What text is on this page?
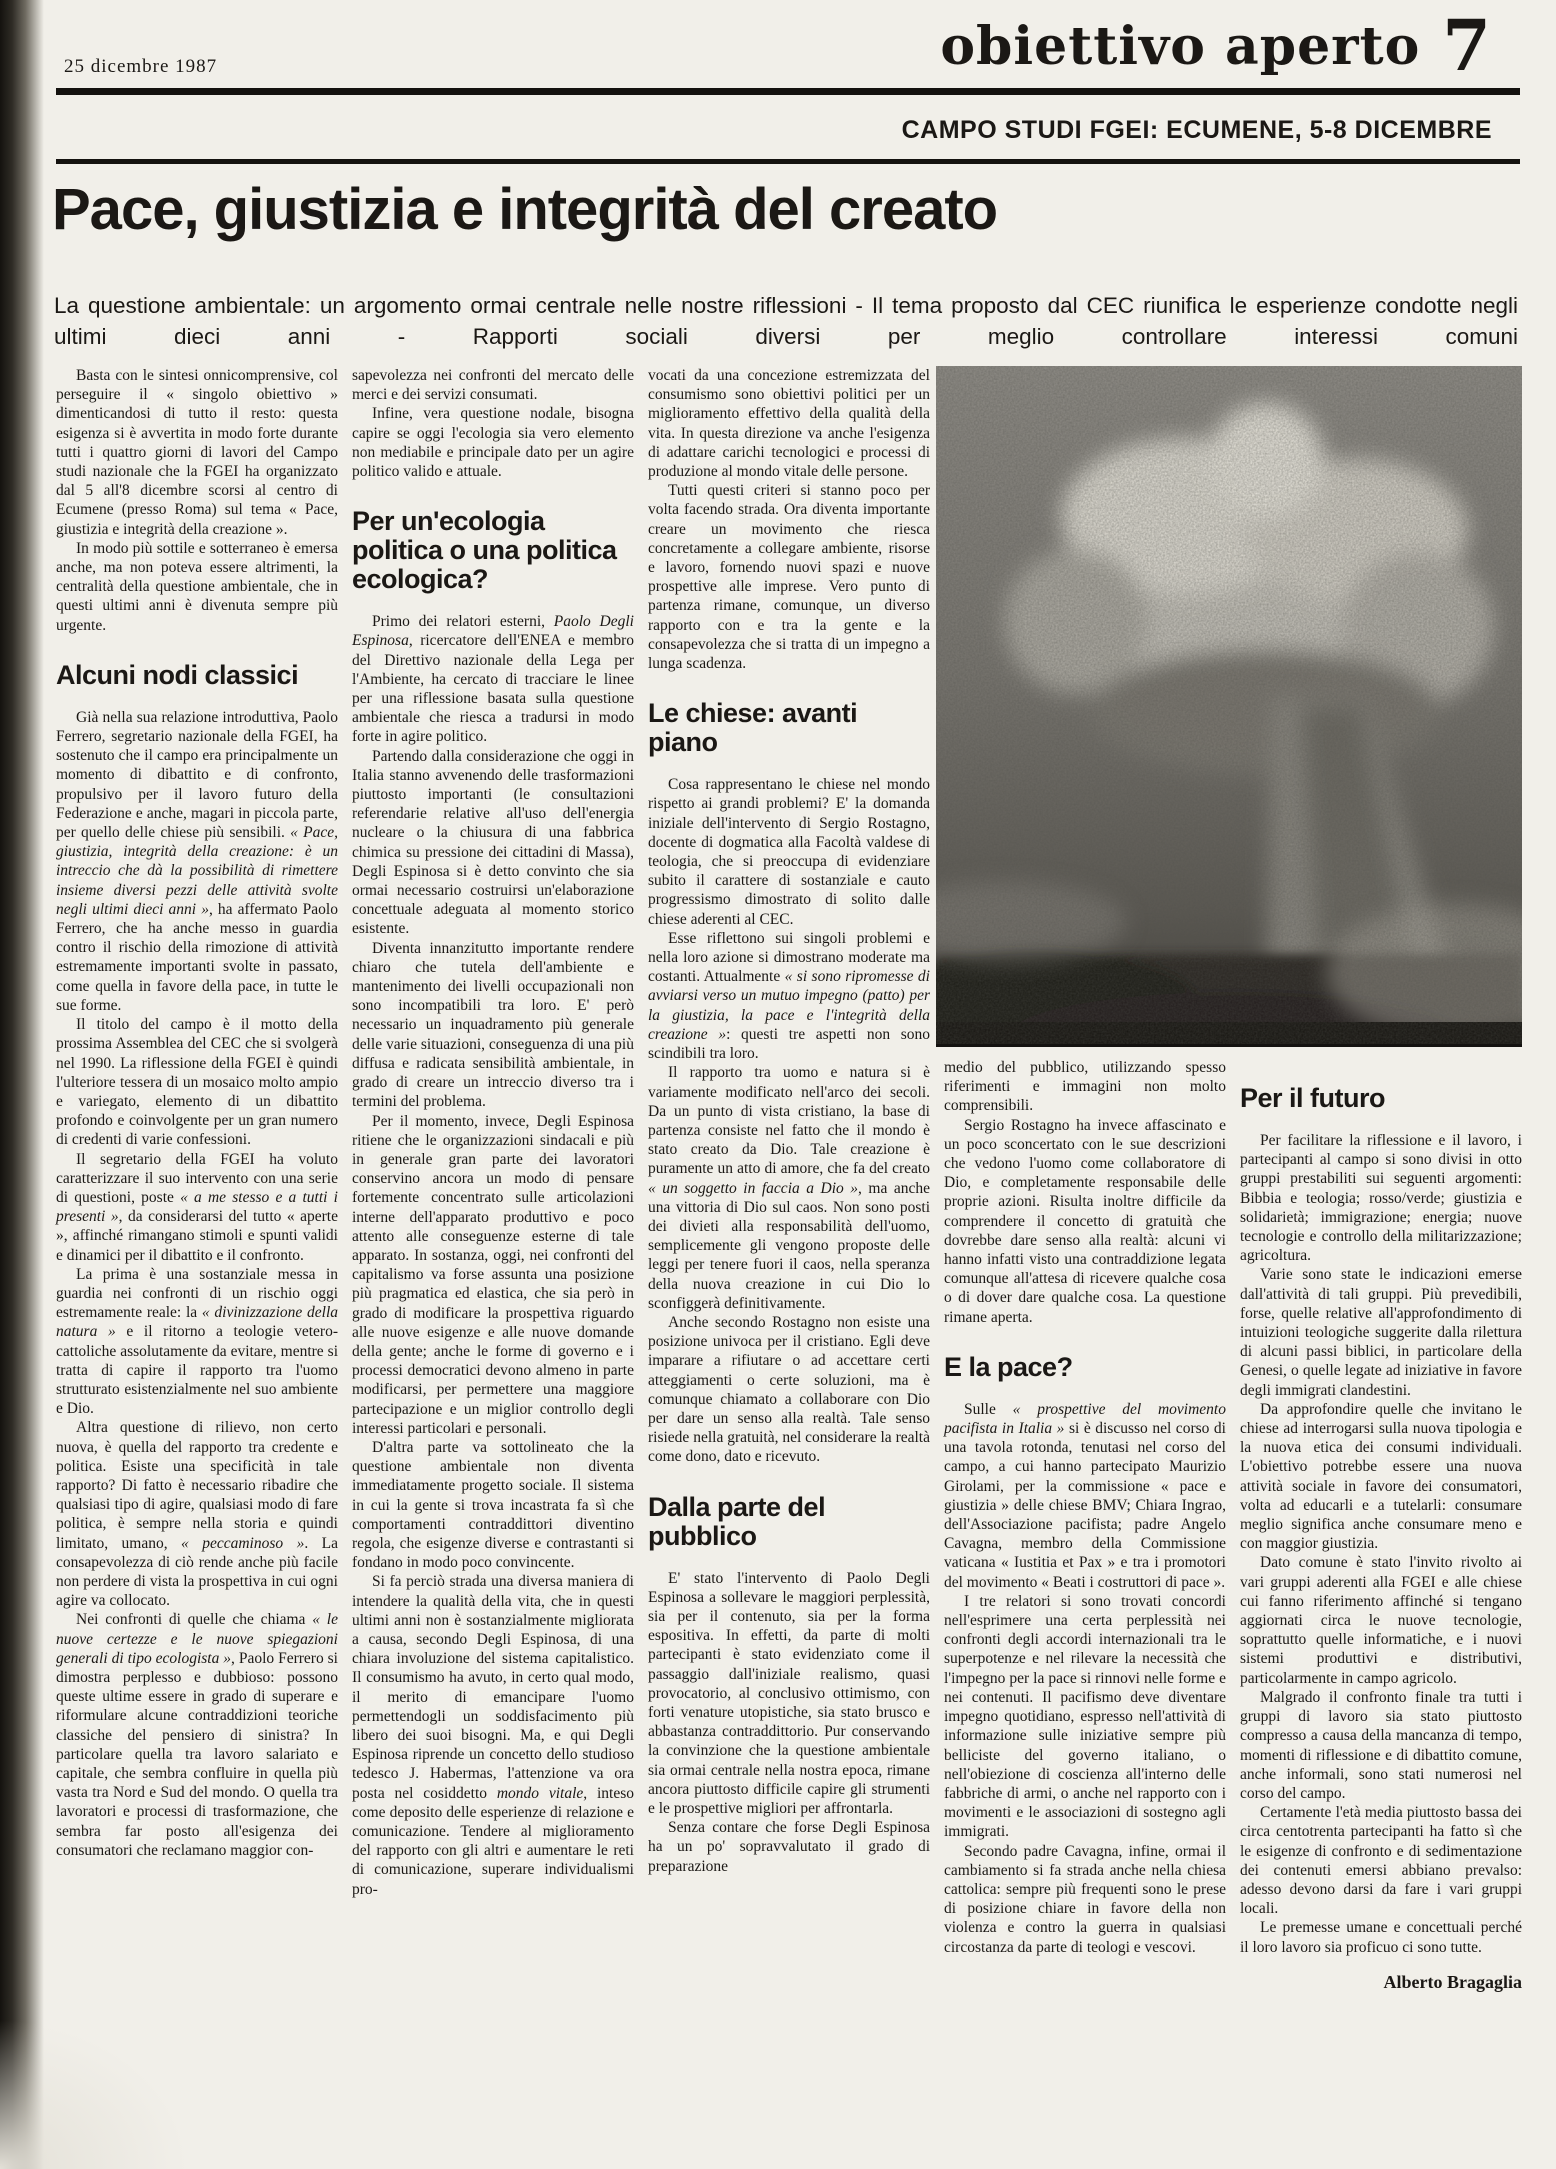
25 dicembre 1987	obiettivo aperto 7
CAMPO STUDI FGEI: ECUMENE, 5-8 DICEMBRE
Pace, giustizia e integrità del creato
La questione ambientale: un argomento ormai centrale nelle nostre riflessioni - Il tema proposto dal CEC riunifica le esperienze condotte negli ultimi dieci anni - Rapporti sociali diversi per meglio controllare interessi comuni

Basta con le sintesi onnicomprensive, col perseguire il « singolo obiettivo » dimenticandosi di tutto il resto: questa esigenza si è avvertita in modo forte durante tutti i quattro giorni di lavori del Campo studi nazionale che la FGEI ha organizzato dal 5 all'8 dicembre scorsi al centro di Ecumene (presso Roma) sul tema « Pace, giustizia e integrità della creazione ».

In modo più sottile e sotterraneo è emersa anche, ma non poteva essere altrimenti, la centralità della questione ambientale, che in questi ultimi anni è divenuta sempre più urgente.

Alcuni nodi classici

Già nella sua relazione introduttiva, Paolo Ferrero, segretario nazionale della FGEI, ha sostenuto che il campo era principalmente un momento di dibattito e di confronto, propulsivo per il lavoro futuro della Federazione e anche, magari in piccola parte, per quello delle chiese più sensibili. « Pace, giustizia, integrità della creazione: è un intreccio che dà la possibilità di rimettere insieme diversi pezzi delle attività svolte negli ultimi dieci anni », ha affermato Paolo Ferrero, che ha anche messo in guardia contro il rischio della rimozione di attività estremamente importanti svolte in passato, come quella in favore della pace, in tutte le sue forme.

Il titolo del campo è il motto della prossima Assemblea del CEC che si svolgerà nel 1990. La riflessione della FGEI è quindi l'ulteriore tessera di un mosaico molto ampio e variegato, elemento di un dibattito profondo e coinvolgente per un gran numero di credenti di varie confessioni.

Il segretario della FGEI ha voluto caratterizzare il suo intervento con una serie di questioni, poste « a me stesso e a tutti i presenti », da considerarsi del tutto « aperte », affinché rimangano stimoli e spunti validi e dinamici per il dibattito e il confronto.

La prima è una sostanziale messa in guardia nei confronti di un rischio oggi estremamente reale: la « divinizzazione della natura » e il ritorno a teologie vetero-cattoliche assolutamente da evitare, mentre si tratta di capire il rapporto tra l'uomo strutturato esistenzialmente nel suo ambiente e Dio.

Altra questione di rilievo, non certo nuova, è quella del rapporto tra credente e politica. Esiste una specificità in tale rapporto? Di fatto è necessario ribadire che qualsiasi tipo di agire, qualsiasi modo di fare politica, è sempre nella storia e quindi limitato, umano, « peccaminoso ». La consapevolezza di ciò rende anche più facile non perdere di vista la prospettiva in cui ogni agire va collocato.

Nei confronti di quelle che chiama « le nuove certezze e le nuove spiegazioni generali di tipo ecologista », Paolo Ferrero si dimostra perplesso e dubbioso: possono queste ultime essere in grado di superare e riformulare alcune contraddizioni teoriche classiche del pensiero di sinistra? In particolare quella tra lavoro salariato e capitale, che sembra confluire in quella più vasta tra Nord e Sud del mondo. O quella tra lavoratori e processi di trasformazione, che sembra far posto all'esigenza dei consumatori che reclamano maggior con-

sapevolezza nei confronti del mercato delle merci e dei servizi consumati.

Infine, vera questione nodale, bisogna capire se oggi l'ecologia sia vero elemento non mediabile e principale dato per un agire politico valido e attuale.

Per un'ecologia politica o una politica ecologica?

Primo dei relatori esterni, Paolo Degli Espinosa, ricercatore dell'ENEA e membro del Direttivo nazionale della Lega per l'Ambiente, ha cercato di tracciare le linee per una riflessione basata sulla questione ambientale che riesca a tradursi in modo forte in agire politico.

Partendo dalla considerazione che oggi in Italia stanno avvenendo delle trasformazioni piuttosto importanti (le consultazioni referendarie relative all'uso dell'energia nucleare o la chiusura di una fabbrica chimica su pressione dei cittadini di Massa), Degli Espinosa si è detto convinto che sia ormai necessario costruirsi un'elaborazione concettuale adeguata al momento storico esistente.

Diventa innanzitutto importante rendere chiaro che tutela dell'ambiente e mantenimento dei livelli occupazionali non sono incompatibili tra loro. E' però necessario un inquadramento più generale delle varie situazioni, conseguenza di una più diffusa e radicata sensibilità ambientale, in grado di creare un intreccio diverso tra i termini del problema.

Per il momento, invece, Degli Espinosa ritiene che le organizzazioni sindacali e più in generale gran parte dei lavoratori conservino ancora un modo di pensare fortemente concentrato sulle articolazioni interne dell'apparato produttivo e poco attento alle conseguenze esterne di tale apparato. In sostanza, oggi, nei confronti del capitalismo va forse assunta una posizione più pragmatica ed elastica, che sia però in grado di modificare la prospettiva riguardo alle nuove esigenze e alle nuove domande della gente; anche le forme di governo e i processi democratici devono almeno in parte modificarsi, per permettere una maggiore partecipazione e un miglior controllo degli interessi particolari e personali.

D'altra parte va sottolineato che la questione ambientale non diventa immediatamente progetto sociale. Il sistema in cui la gente si trova incastrata fa sì che comportamenti contraddittori diventino regola, che esigenze diverse e contrastanti si fondano in modo poco convincente.

Si fa perciò strada una diversa maniera di intendere la qualità della vita, che in questi ultimi anni non è sostanzialmente migliorata a causa, secondo Degli Espinosa, di una chiara involuzione del sistema capitalistico. Il consumismo ha avuto, in certo qual modo, il merito di emancipare l'uomo permettendogli un soddisfacimento più libero dei suoi bisogni. Ma, e qui Degli Espinosa riprende un concetto dello studioso tedesco J. Habermas, l'attenzione va ora posta nel cosiddetto mondo vitale, inteso come deposito delle esperienze di relazione e comunicazione. Tendere al miglioramento del rapporto con gli altri e aumentare le reti di comunicazione, superare individualismi pro-

vocati da una concezione estremizzata del consumismo sono obiettivi politici per un miglioramento effettivo della qualità della vita. In questa direzione va anche l'esigenza di adattare carichi tecnologici e processi di produzione al mondo vitale delle persone.

Tutti questi criteri si stanno poco per volta facendo strada. Ora diventa importante creare un movimento che riesca concretamente a collegare ambiente, risorse e lavoro, fornendo nuovi spazi e nuove prospettive alle imprese. Vero punto di partenza rimane, comunque, un diverso rapporto con e tra la gente e la consapevolezza che si tratta di un impegno a lunga scadenza.

Le chiese: avanti piano

Cosa rappresentano le chiese nel mondo rispetto ai grandi problemi? E' la domanda iniziale dell'intervento di Sergio Rostagno, docente di dogmatica alla Facoltà valdese di teologia, che si preoccupa di evidenziare subito il carattere di sostanziale e cauto progressismo dimostrato di solito dalle chiese aderenti al CEC.

Esse riflettono sui singoli problemi e nella loro azione si dimostrano moderate ma costanti. Attualmente « si sono ripromesse di avviarsi verso un mutuo impegno (patto) per la giustizia, la pace e l'integrità della creazione »: questi tre aspetti non sono scindibili tra loro.

Il rapporto tra uomo e natura si è variamente modificato nell'arco dei secoli. Da un punto di vista cristiano, la base di partenza consiste nel fatto che il mondo è stato creato da Dio. Tale creazione è puramente un atto di amore, che fa del creato « un soggetto in faccia a Dio », ma anche una vittoria di Dio sul caos. Non sono posti dei divieti alla responsabilità dell'uomo, semplicemente gli vengono proposte delle leggi per tenere fuori il caos, nella speranza della nuova creazione in cui Dio lo sconfiggerà definitivamente.

Anche secondo Rostagno non esiste una posizione univoca per il cristiano. Egli deve imparare a rifiutare o ad accettare certi atteggiamenti o certe soluzioni, ma è comunque chiamato a collaborare con Dio per dare un senso alla realtà. Tale senso risiede nella gratuità, nel considerare la realtà come dono, dato e ricevuto.

Dalla parte del pubblico

E' stato l'intervento di Paolo Degli Espinosa a sollevare le maggiori perplessità, sia per il contenuto, sia per la forma espositiva. In effetti, da parte di molti partecipanti è stato evidenziato come il passaggio dall'iniziale realismo, quasi provocatorio, al conclusivo ottimismo, con forti venature utopistiche, sia stato brusco e abbastanza contraddittorio. Pur conservando la convinzione che la questione ambientale sia ormai centrale nella nostra epoca, rimane ancora piuttosto difficile capire gli strumenti e le prospettive migliori per affrontarla.

Senza contare che forse Degli Espinosa ha un po' sopravvalutato il grado di preparazione

medio del pubblico, utilizzando spesso riferimenti e immagini non molto comprensibili.

Sergio Rostagno ha invece affascinato e un poco sconcertato con le sue descrizioni che vedono l'uomo come collaboratore di Dio, e completamente responsabile delle proprie azioni. Risulta inoltre difficile da comprendere il concetto di gratuità che dovrebbe dare senso alla realtà: alcuni vi hanno infatti visto una contraddizione legata comunque all'attesa di ricevere qualche cosa o di dover dare qualche cosa. La questione rimane aperta.

E la pace?

Sulle « prospettive del movimento pacifista in Italia » si è discusso nel corso di una tavola rotonda, tenutasi nel corso del campo, a cui hanno partecipato Maurizio Girolami, per la commissione « pace e giustizia » delle chiese BMV; Chiara Ingrao, dell'Associazione pacifista; padre Angelo Cavagna, membro della Commissione vaticana « Iustitia et Pax » e tra i promotori del movimento « Beati i costruttori di pace ».

I tre relatori si sono trovati concordi nell'esprimere una certa perplessità nei confronti degli accordi internazionali tra le superpotenze e nel rilevare la necessità che l'impegno per la pace si rinnovi nelle forme e nei contenuti. Il pacifismo deve diventare impegno quotidiano, espresso nell'attività di informazione sulle iniziative sempre più belliciste del governo italiano, o nell'obiezione di coscienza all'interno delle fabbriche di armi, o anche nel rapporto con i movimenti e le associazioni di sostegno agli immigrati.

Secondo padre Cavagna, infine, ormai il cambiamento si fa strada anche nella chiesa cattolica: sempre più frequenti sono le prese di posizione chiare in favore della non violenza e contro la guerra in qualsiasi circostanza da parte di teologi e vescovi.

Per il futuro

Per facilitare la riflessione e il lavoro, i partecipanti al campo si sono divisi in otto gruppi prestabiliti sui seguenti argomenti: Bibbia e teologia; rosso/verde; giustizia e solidarietà; immigrazione; energia; nuove tecnologie e controllo della militarizzazione; agricoltura.

Varie sono state le indicazioni emerse dall'attività di tali gruppi. Più prevedibili, forse, quelle relative all'approfondimento di intuizioni teologiche suggerite dalla rilettura di alcuni passi biblici, in particolare della Genesi, o quelle legate ad iniziative in favore degli immigrati clandestini.

Da approfondire quelle che invitano le chiese ad interrogarsi sulla nuova tipologia e la nuova etica dei consumi individuali. L'obiettivo potrebbe essere una nuova attività sociale in favore dei consumatori, volta ad educarli e a tutelarli: consumare meglio significa anche consumare meno e con maggior giustizia.

Dato comune è stato l'invito rivolto ai vari gruppi aderenti alla FGEI e alle chiese cui fanno riferimento affinché si tengano aggiornati circa le nuove tecnologie, soprattutto quelle informatiche, e i nuovi sistemi produttivi e distributivi, particolarmente in campo agricolo.

Malgrado il confronto finale tra tutti i gruppi di lavoro sia stato piuttosto compresso a causa della mancanza di tempo, momenti di riflessione e di dibattito comune, anche informali, sono stati numerosi nel corso del campo.

Certamente l'età media piuttosto bassa dei circa centotrenta partecipanti ha fatto sì che le esigenze di confronto e di sedimentazione dei contenuti emersi abbiano prevalso: adesso devono darsi da fare i vari gruppi locali.

Le premesse umane e concettuali perché il loro lavoro sia proficuo ci sono tutte.

Alberto Bragaglia
